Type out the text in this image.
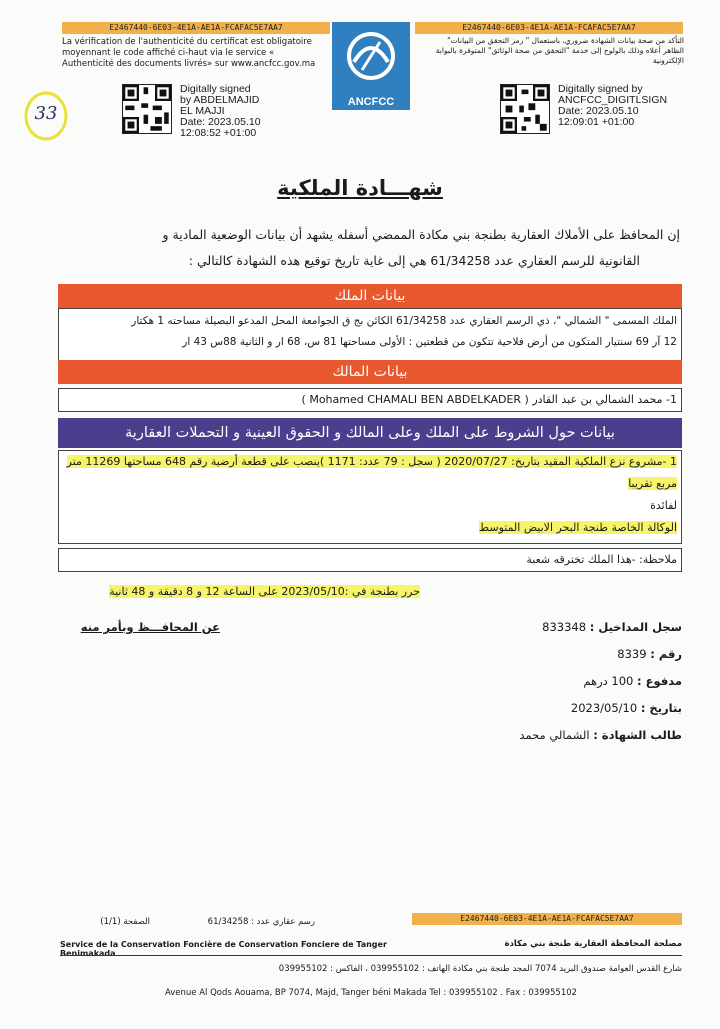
E2467440-6E03-4E1A-AE1A-FCAFAC5E7AA7
La vérification de l'authenticité du certificat est obligatoire
moyennant le code affiché ci-haut via le service «
Authenticité des documents livrés» sur www.ancfcc.gov.ma
ANCFCC
E2467440-6E03-4E1A-AE1A-FCAFAC5E7AA7
التأكد من صحة بيانات الشهادة ضروري، باستعمال " رمز التحقق من البيانات"
الظاهر أعلاه وذلك بالولوج إلى خدمة "التحقق من صحة الوثائق" المتوفرة بالبوابة
الإلكترونية
33
Digitally signed
by ABDELMAJID
EL MAJJI
Date: 2023.05.10
12:08:52 +01:00
Digitally signed by
ANCFCC_DIGITLSIGN
Date: 2023.05.10
12:09:01 +01:00
شهـــادة الملكية
إن المحافظ على الأملاك العقارية بطنجة بني مكادة الممضي أسفله يشهد أن بيانات الوضعية المادية و
القانونية للرسم العقاري عدد 61/34258 هي إلى غاية تاريخ توقيع هذه الشهادة كالتالي :
بيانات الملك
الملك المسمى " الشمالي "، ذي الرسم العقاري عدد 61/34258 الكائن بج ق الجوامعة المحل المدعو البصيلة مساحته 1 هكتار
12 آر 69 سنتيار المتكون من أرض فلاحية تتكون من قطعتين : الأولى مساحتها 81 س، 68 ار و الثانية 88س 43 ار
بيانات المالك
1- محمد الشمالي بن عبد القادر ( Mohamed CHAMALI BEN ABDELKADER )
بيانات حول الشروط على الملك وعلى المالك و الحقوق العينية و التحملات العقارية
1 -مشروع نزع الملكية المقيد بتاريخ: 2020/07/27 ( سجل : 79 عدد: 1171 )ينصب على قطعة أرضية رقم 648 مساحتها 11269 متر
مربع تقريبا
لفائدة
الوكالة الخاصة طنجة البحر الابيض المتوسط
ملاحظة: -هذا الملك تخترقه شعبة
حرر بطنجة في :2023/05/10 على الساعة 12 و 8 دقيقة و 48 ثانية
عن المحافـــظ وبأمر منه	سجل المداخيل : 833348
رقم : 8339
مدفوع : 100 درهم
بتاريخ : 2023/05/10
طالب الشهادة : الشمالي محمد
الصفحة (1/1)	رسم عقاري عدد : 61/34258	E2467440-6E03-4E1A-AE1A-FCAFAC5E7AA7
Service de la Conservation Foncière de Conservation Fonciere de Tanger Benimakada
مصلحة المحافظة العقارية طنجة بني مكادة
شارع القدس العوامة صندوق البريد 7074 المجد طنجة بني مكادة الهاتف : 039955102 ، الفاكس : 039955102
Avenue Al Qods Aouama, BP 7074, Majd, Tanger béni Makada Tel : 039955102 . Fax : 039955102
